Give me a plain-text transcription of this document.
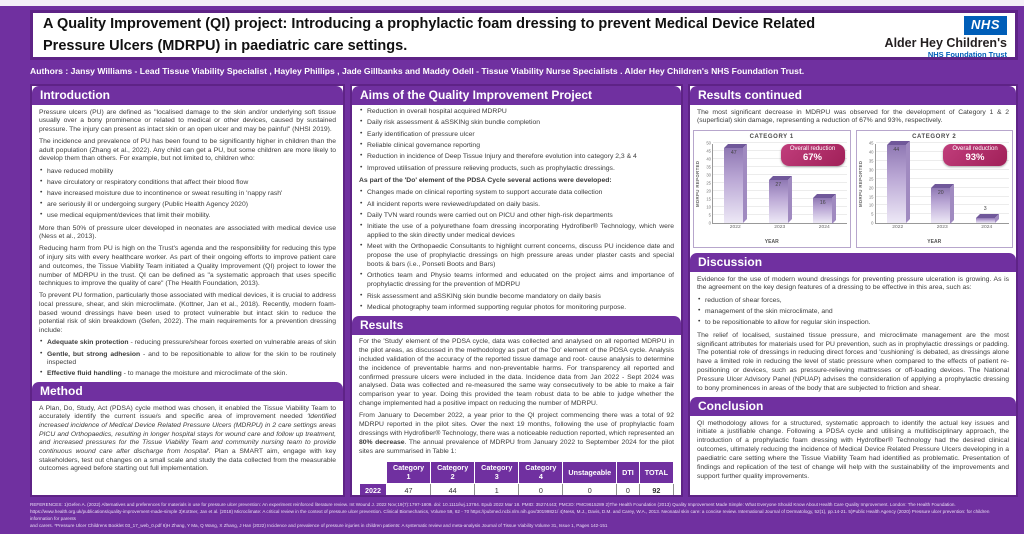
A Quality Improvement (QI) project: Introducing a prophylactic foam dressing to prevent Medical Device Related Pressure Ulcers (MDRPU) in paediatric care settings.
NHS
Alder Hey Children's
NHS Foundation Trust
Authors : Jansy Williams - Lead Tissue Viability Specialist , Hayley Phillips , Jade Gillbanks and Maddy Odell - Tissue Viability Nurse Specialists . Alder Hey Children's NHS Foundation Trust.
Introduction

Pressure ulcers (PU) are defined as "localised damage to the skin and/or underlying soft tissue usually over a bony prominence or related to medical or other devices, caused by sustained pressure. The injury can present as intact skin or an open ulcer and may be painful" (NHSI 2019).

The incidence and prevalence of PU has been found to be significantly higher in children than the adult population (Zhang et al., 2022). Any child can get a PU, but some children are more likely to develop them than others. For example, but not limited to, children who:

• have reduced mobility
• have circulatory or respiratory conditions that affect their blood flow
• have increased moisture due to incontinence or sweat resulting in 'nappy rash'
• are seriously ill or undergoing surgery (Public Health Agency 2020)
• use medical equipment/devices that limit their mobility.

More than 50% of pressure ulcer developed in neonates are associated with medical device use (Ness et al., 2013).

Reducing harm from PU is high on the Trust's agenda and the responsibility for reducing this type of injury sits with every healthcare worker. As part of their ongoing efforts to improve patient care and outcomes, the Tissue Viability Team initiated a Quality Improvement (QI) project to lower the number of MDRPU in the trust. QI can be defined as "a systematic approach that uses specific techniques to improve the quality of care" (The Health Foundation, 2013).

To prevent PU formation, particularly those associated with medical devices, it is crucial to address local pressure, shear, and skin microclimate. (Kottner, Jan et al., 2018). Recently, modern foam-based wound dressings have been used to protect vulnerable but intact skin to reduce the potential risk of skin breakdown (Gefen, 2022). The main requirements for a prevention dressing include:

• Adequate skin protection - reducing pressure/shear forces exerted on vulnerable areas of skin
• Gentle, but strong adhesion - and to be repositionable to allow for the skin to be routinely inspected
• Effective fluid handling - to manage the moisture and microclimate of the skin.
Method

A Plan, Do, Study, Act (PDSA) cycle method was chosen, it enabled the Tissue Viability Team to accurately identify the current issue/s and specific area of improvement needed 'Identified increased incidence of Medical Device Related Pressure Ulcers (MDRPU) in 2 care settings areas PICU and Orthopaedics, resulting in longer hospital stays for wound care and follow up treatment, and increased pressures for the Tissue Viability Team and community nursing team to provide continuous wound care after discharge from hospital'. Plan a SMART aim, engage with key stakeholders, test out changes on a small scale and study the data collected from the measurable outcomes agreed before starting out full implementation.

Aims of the Quality Improvement Project
• Reduction in overall hospital acquired MDRPU
• Daily risk assessment & aSSKINg skin bundle completion
• Early identification of pressure ulcer
• Reliable clinical governance reporting
• Reduction in incidence of Deep Tissue Injury and therefore evolution into category 2,3 & 4
• Improved utilisation of pressure relieving products, such as prophylactic dressings.

As part of the 'Do' element of the PDSA Cycle several actions were developed:

• Changes made on clinical reporting system to support accurate data collection
• All incident reports were reviewed/updated on daily basis.
• Daily TVN ward rounds were carried out on PICU and other high-risk departments
• Initiate the use of a polyurethane foam dressing incorporating Hydrofiber® Technology, which were applied to the skin directly under medical devices
• Meet with the Orthopaedic Consultants to highlight current concerns, discuss PU incidence date and propose the use of prophylactic dressings on high pressure areas under plaster casts and special boots & bars (i.e., Ponseti Boots and Bars)
• Orthotics team and Physio teams informed and educated on the project aims and importance of prophylactic dressing for the prevention of MDRPU
• Risk assessment and aSSKINg skin bundle become mandatory on daily basis
• Medical photography team informed supporting regular photos for monitoring purpose.
Results

For the 'Study' element of the PDSA cycle, data was collected and analysed on all reported MDRPU in the pilot areas, as discussed in the methodology as part of the 'Do' element of the PDSA cycle. Analysis included validation of the accuracy of the reported tissue damage and root- cause analysis to determine the incidence of preventable harms and non-preventable harms. For transparency all reported and confirmed pressure ulcers were included in the data. Incidence data from Jan 2022 - Sept 2024 was analysed. Data was collected and re-measured the same way consecutively to be able to make a fair comparison year to year. Doing this provided the team robust data to be able to judge whether the change implemented had a positive impact on reducing the number of MDRPU.

From January to December 2022, a year prior to the QI project commencing there was a total of 92 MDRPU reported in the pilot sites. Over the next 19 months, following the use of prophylactic foam dressings with Hydrofiber® Technology, there was a noticeable reduction reported, which represented an 80% decrease. The annual prevalence of MDRPU from January 2022 to September 2024 for the pilot sites are summarised in Table 1:

	Category 1	Category 2	Category 3	Category 4	Unstageable	DTI	TOTAL
2022	47	44	1	0	0	0	92

Results continued

The most significant decrease in MDRPU was observed for the development of Category 1 & 2 (superficial) skin damage, representing a reduction of 67% and 93%, respectively.

CATEGORY 1
Overall reduction
67%
MDRPU REPORTED
0
5
10
15
20
25
30
35
40
45
50
47
2022
27
2023
16
2024
YEAR
CATEGORY 2
Overall reduction
93%
MDRPU REPORTED
0
5
10
15
20
25
30
35
40
45
44
2022
20
2023
3
2024
YEAR
Discussion

Evidence for the use of modern wound dressings for preventing pressure ulceration is growing. As is the agreement on the key design features of a dressing to be effective in this area, such as:

• reduction of shear forces,
• management of the skin microclimate, and
• to be repositionable to allow for regular skin inspection.

The relief of localised, sustained tissue pressure, and microclimate management are the most significant attributes for materials used for PU prevention, such as in prophylactic dressings or padding. The potential role of dressings in reducing direct forces and 'cushioning' is debated, as dressings alone have a limited role in reducing the level of static pressure when compared to the effects of patient re-positioning or devices, such as pressure-relieving mattresses or off-loading devices. The National Pressure Ulcer Advisory Panel (NPUAP) advises the consideration of applying a prophylactic dressing to bony prominences in areas of the body that are subjected to friction and shear.

Conclusion

QI methodology allows for a structured, systematic approach to identify the actual key issues and initiate a justifiable change. Following a PDSA cycle and utilising a multidisciplinary approach, the introduction of a prophylactic foam dressing with Hydrofiber® Technology had the desired clinical outcomes, ultimately reducing the incidence of Medical Device Related Pressure Ulcers developing in a paediatric care setting where the Tissue Viability Team had identified as problematic. Presentation of findings and replication of the test of change will help with the sustainability of the improvements and support further quality improvements.

REFERENCES: 1)Gefen A. (2022) Alternatives and preferences for materials in use for pressure ulcer prevention: An experiment reinforced literature review. Int Wound J. 2022 Nov;19(7):1797-1809. doi: 10.1111/iwj.13784. Epub 2022 Mar 18. PMID: 35274443; PMCID: PMC9615289 2)The Health Foundation (2013) Quality Improvement Made Simple: What Everyone Should Know About Health Care Quality Improvement. London: The Health Foundation.
https://www.health.org.uk/publications/quality-improvement-made-simple 3)Kottner, Jan et al. (2018) Microclimate: A critical review in the context of pressure ulcer prevention. Clinical Biomechanics, Volume 59, 62 - 70 https://pubmed.ncbi.nlm.nih.gov/30199821/ 4)Ness, M.J., Davis, D.M. and Carey, W.A., 2013. Neonatal skin care: a concise review. International Journal of Dermatology, 52(1), pp.14-21. 5)Public Health Agency (2020) Pressure ulcer prevention: for children information for parents
and carers. *Pressure Ulcer Childrens Booklet 03_17_web_0.pdf 6)H Zhang, Y Ma, Q Wang, X Zhang, J Han (2022) Incidence and prevalence of pressure injuries in children patients: A systematic review and meta-analysis Journal of Tissue Viability Volume 31, Issue 1, Pages 142-151
